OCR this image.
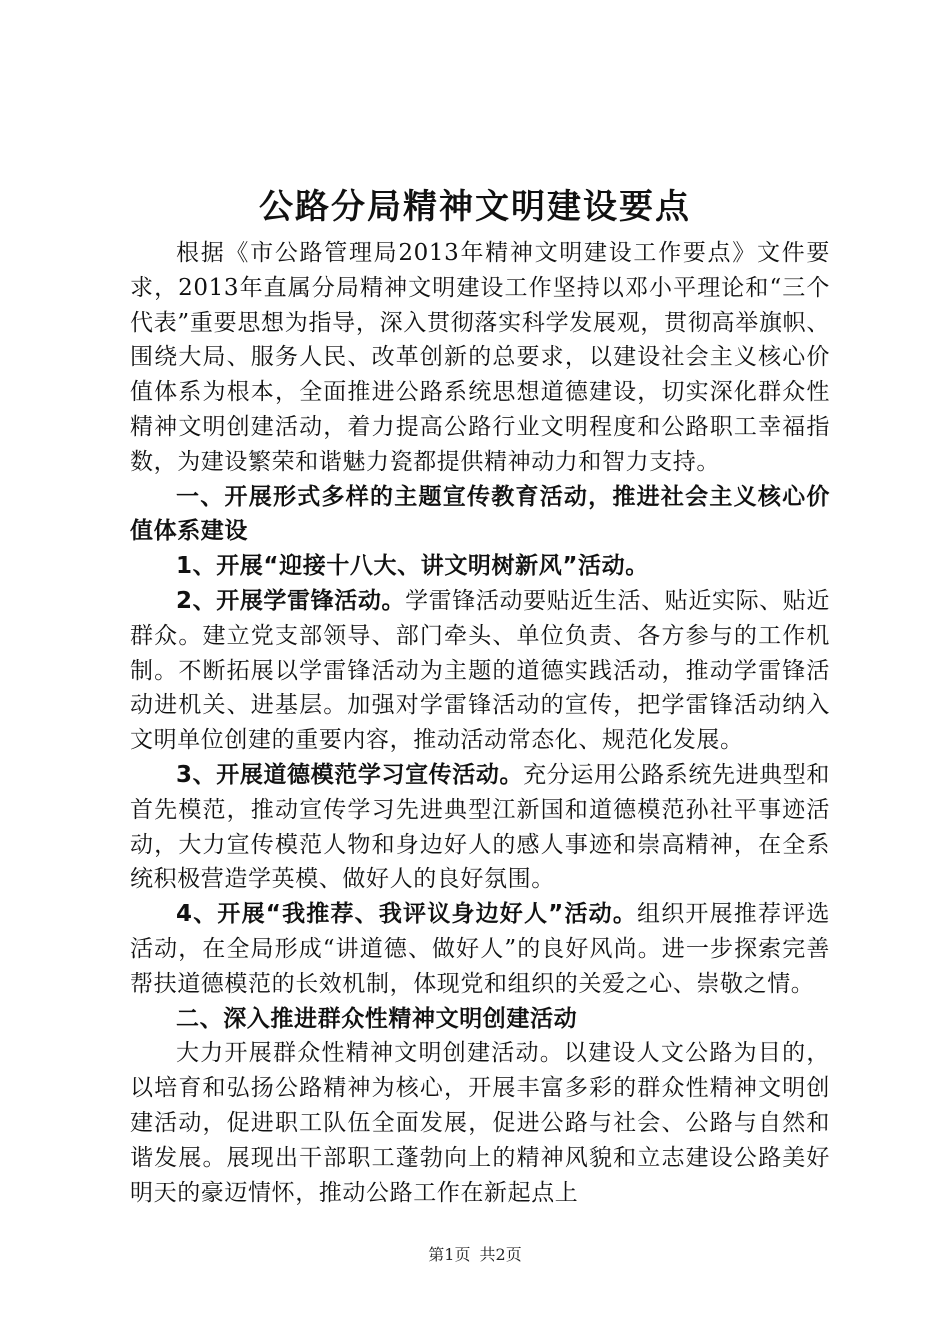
公路分局精神文明建设要点

根据《市公路管理局2013年精神文明建设工作要点》文件要求，2013年直属分局精神文明建设工作坚持以邓小平理论和“三个代表”重要思想为指导，深入贯彻落实科学发展观，贯彻高举旗帜、围绕大局、服务人民、改革创新的总要求，以建设社会主义核心价值体系为根本，全面推进公路系统思想道德建设，切实深化群众性精神文明创建活动，着力提高公路行业文明程度和公路职工幸福指数，为建设繁荣和谐魅力瓷都提供精神动力和智力支持。

一、开展形式多样的主题宣传教育活动，推进社会主义核心价值体系建设

1、开展“迎接十八大、讲文明树新风”活动。

2、开展学雷锋活动。学雷锋活动要贴近生活、贴近实际、贴近群众。建立党支部领导、部门牵头、单位负责、各方参与的工作机制。不断拓展以学雷锋活动为主题的道德实践活动，推动学雷锋活动进机关、进基层。加强对学雷锋活动的宣传，把学雷锋活动纳入文明单位创建的重要内容，推动活动常态化、规范化发展。

3、开展道德模范学习宣传活动。充分运用公路系统先进典型和首先模范，推动宣传学习先进典型江新国和道德模范孙社平事迹活动，大力宣传模范人物和身边好人的感人事迹和崇高精神，在全系统积极营造学英模、做好人的良好氛围。

4、开展“我推荐、我评议身边好人”活动。组织开展推荐评选活动，在全局形成“讲道德、做好人”的良好风尚。进一步探索完善帮扶道德模范的长效机制，体现党和组织的关爱之心、崇敬之情。

二、深入推进群众性精神文明创建活动

大力开展群众性精神文明创建活动。以建设人文公路为目的，以培育和弘扬公路精神为核心，开展丰富多彩的群众性精神文明创建活动，促进职工队伍全面发展，促进公路与社会、公路与自然和谐发展。展现出干部职工蓬勃向上的精神风貌和立志建设公路美好明天的豪迈情怀，推动公路工作在新起点上

第1页 共2页
